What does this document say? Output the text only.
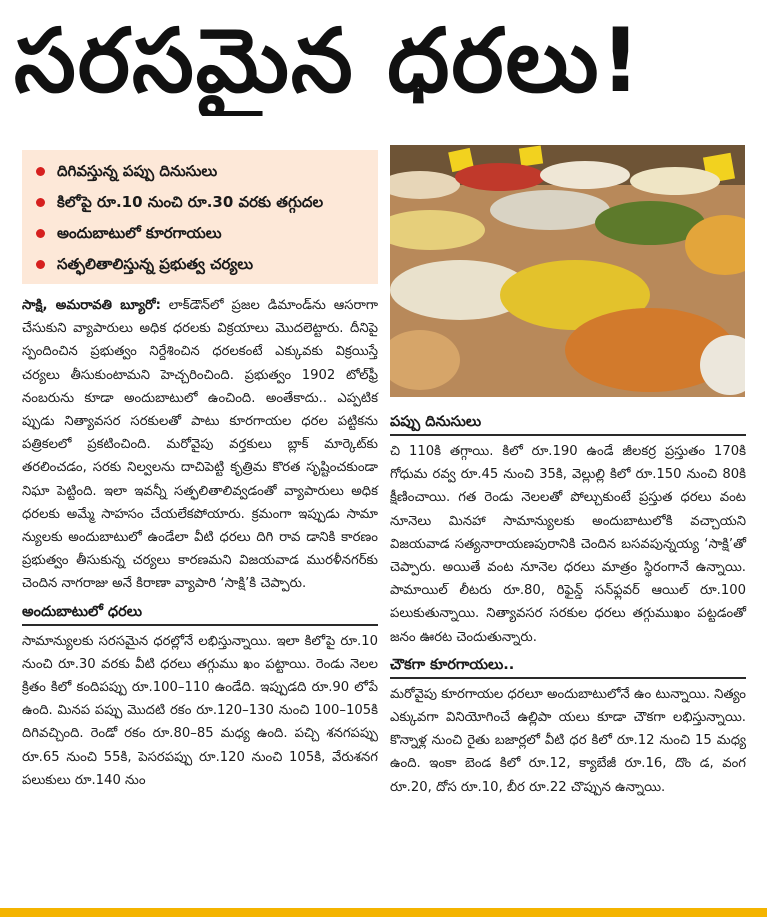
సరసమైన ధరలు!
దిగివస్తున్న పప్పు దినుసులు
కిలోపై రూ.10 నుంచి రూ.30 వరకు తగ్గుదల
అందుబాటులో కూరగాయలు
సత్ఫలితాలిస్తున్న ప్రభుత్వ చర్యలు

సాక్షి, అమరావతి బ్యూరో: లాక్‌డౌన్‌లో ప్రజల డిమాండ్‌ను ఆసరాగా చేసుకుని వ్యాపారులు అధిక ధరలకు విక్రయాలు మొదలెట్టారు. దీనిపై స్పందించిన ప్రభుత్వం నిర్దేశించిన ధరలకంటే ఎక్కువకు విక్రయిస్తే చర్యలు తీసుకుంటామని హెచ్చరించింది. ప్రభుత్వం 1902 టోల్‌ఫ్రీ నంబరును కూడా అందుబాటులో ఉంచింది. అంతేకాదు.. ఎప్పటిక ప్పుడు నిత్యావసర సరకులతో పాటు కూరగాయల ధరల పట్టికను పత్రికలలో ప్రకటించింది. మరోవైపు వర్తకులు బ్లాక్ మార్కెట్‌కు తరలించడం, సరకు నిల్వలను దాచిపెట్టి కృత్రిమ కొరత సృష్టించకుండా నిఘా పెట్టింది. ఇలా ఇవన్నీ సత్ఫలితాలివ్వడంతో వ్యాపారులు అధిక ధరలకు అమ్మే సాహసం చేయలేకపోయారు. క్రమంగా ఇప్పుడు సామా న్యులకు అందుబాటులో ఉండేలా వీటి ధరలు దిగి రావ డానికి కారణం ప్రభుత్వం తీసుకున్న చర్యలు కారణమని విజయవాడ మురళీనగర్‌కు చెందిన నాగరాజు అనే కిరాణా వ్యాపారి ‘సాక్షి’కి చెప్పారు.

అందుబాటులో ధరలు

సామాన్యులకు సరసమైన ధరల్లోనే లభిస్తున్నాయి. ఇలా కిలోపై రూ.10 నుంచి రూ.30 వరకు వీటి ధరలు తగ్గుము ఖం పట్టాయి. రెండు నెలల క్రితం కిలో కందిపప్పు రూ.100–110 ఉండేది. ఇప్పుడది రూ.90 లోపే ఉంది. మినప పప్పు మొదటి రకం రూ.120–130 నుంచి 100–105కి దిగివచ్చింది. రెండో రకం రూ.80–85 మధ్య ఉంది. పచ్చి శనగపప్పు రూ.65 నుంచి 55కి, పెసరపప్పు రూ.120 నుంచి 105కి, వేరుశనగ పలుకులు రూ.140 నుం

పప్పు దినుసులు

చి 110కి తగ్గాయి. కిలో రూ.190 ఉండే జీలకర్ర ప్రస్తుతం 170కి గోధుమ రవ్వ రూ.45 నుంచి 35కి, వెల్లుల్లి కిలో రూ.150 నుంచి 80కి క్షీణించాయి. గత రెండు నెలలతో పోల్చుకుంటే ప్రస్తుత ధరలు వంట నూనెలు మినహా సామాన్యులకు అందుబాటులోకి వచ్చాయని విజయవాడ సత్యనారాయణపురానికి చెందిన బసవపున్నయ్య ‘సాక్షి’తో చెప్పారు. అయితే వంట నూనెల ధరలు మాత్రం స్థిరంగానే ఉన్నాయి. పామాయిల్ లీటరు రూ.80, రిఫైన్డ్ సన్‌ఫ్లవర్ ఆయిల్ రూ.100 పలుకుతున్నాయి. నిత్యావసర సరకుల ధరలు తగ్గుముఖం పట్టడంతో జనం ఊరట చెందుతున్నారు.

చౌకగా కూరగాయలు..

మరోవైపు కూరగాయల ధరలూ అందుబాటులోనే ఉం టున్నాయి. నిత్యం ఎక్కువగా వినియోగించే ఉల్లిపా యలు కూడా చౌకగా లభిస్తున్నాయి. కొన్నాళ్ల నుంచి రైతు బజార్లలో వీటి ధర కిలో రూ.12 నుంచి 15 మధ్య ఉంది. ఇంకా బెండ కిలో రూ.12, క్యాబేజీ రూ.16, దొం డ, వంగ రూ.20, దోస రూ.10, బీర రూ.22 చొప్పున ఉన్నాయి.
